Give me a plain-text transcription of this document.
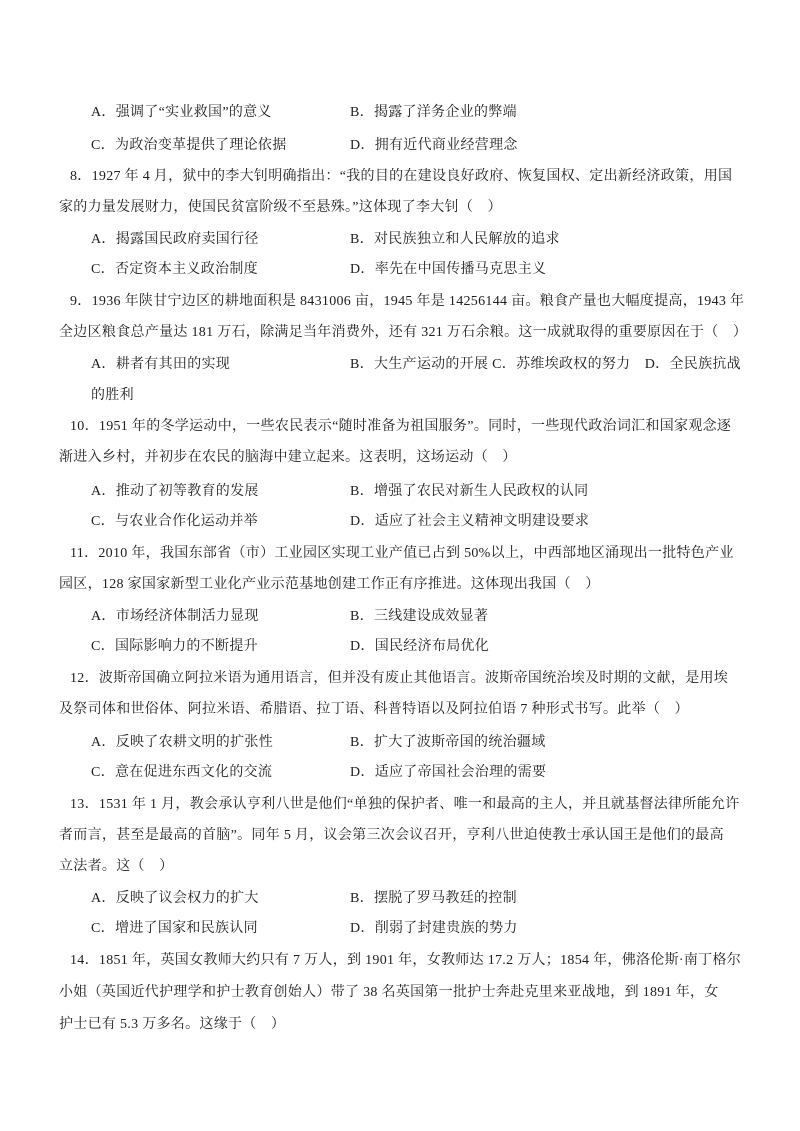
A．强调了“实业救国”的意义	B．揭露了洋务企业的弊端
C．为政治变革提供了理论依据	D．拥有近代商业经营理念
8．1927 年 4 月，狱中的李大钊明确指出：“我的目的在建设良好政府、恢复国权、定出新经济政策，用国
家的力量发展财力，使国民贫富阶级不至悬殊。”这体现了李大钊（　）
A．揭露国民政府卖国行径	B．对民族独立和人民解放的追求
C．否定资本主义政治制度	D．率先在中国传播马克思主义
9．1936 年陕甘宁边区的耕地面积是 8431006 亩，1945 年是 14256144 亩。粮食产量也大幅度提高，1943 年
全边区粮食总产量达 181 万石，除满足当年消费外，还有 321 万石余粮。这一成就取得的重要原因在于（　）
A．耕者有其田的实现	B．大生产运动的开展 C．苏维埃政权的努力　D．全民族抗战
的胜利
10．1951 年的冬学运动中，一些农民表示“随时准备为祖国服务”。同时，一些现代政治词汇和国家观念逐
渐进入乡村，并初步在农民的脑海中建立起来。这表明，这场运动（　）
A．推动了初等教育的发展	B．增强了农民对新生人民政权的认同
C．与农业合作化运动并举	D．适应了社会主义精神文明建设要求
11．2010 年，我国东部省（市）工业园区实现工业产值已占到 50%以上，中西部地区涌现出一批特色产业
园区，128 家国家新型工业化产业示范基地创建工作正有序推进。这体现出我国（　）
A．市场经济体制活力显现	B．三线建设成效显著
C．国际影响力的不断提升	D．国民经济布局优化
12．波斯帝国确立阿拉米语为通用语言，但并没有废止其他语言。波斯帝国统治埃及时期的文献，是用埃
及祭司体和世俗体、阿拉米语、希腊语、拉丁语、科普特语以及阿拉伯语 7 种形式书写。此举（　）
A．反映了农耕文明的扩张性	B．扩大了波斯帝国的统治疆域
C．意在促进东西文化的交流	D．适应了帝国社会治理的需要
13．1531 年 1 月，教会承认亨利八世是他们“单独的保护者、唯一和最高的主人，并且就基督法律所能允许
者而言，甚至是最高的首脑”。同年 5 月，议会第三次会议召开，亨利八世迫使教士承认国王是他们的最高
立法者。这（　）
A．反映了议会权力的扩大	B．摆脱了罗马教廷的控制
C．增进了国家和民族认同	D．削弱了封建贵族的势力
14．1851 年，英国女教师大约只有 7 万人，到 1901 年，女教师达 17.2 万人；1854 年，佛洛伦斯·南丁格尔
小姐（英国近代护理学和护士教育创始人）带了 38 名英国第一批护士奔赴克里来亚战地，到 1891 年，女
护士已有 5.3 万多名。这缘于（　）
